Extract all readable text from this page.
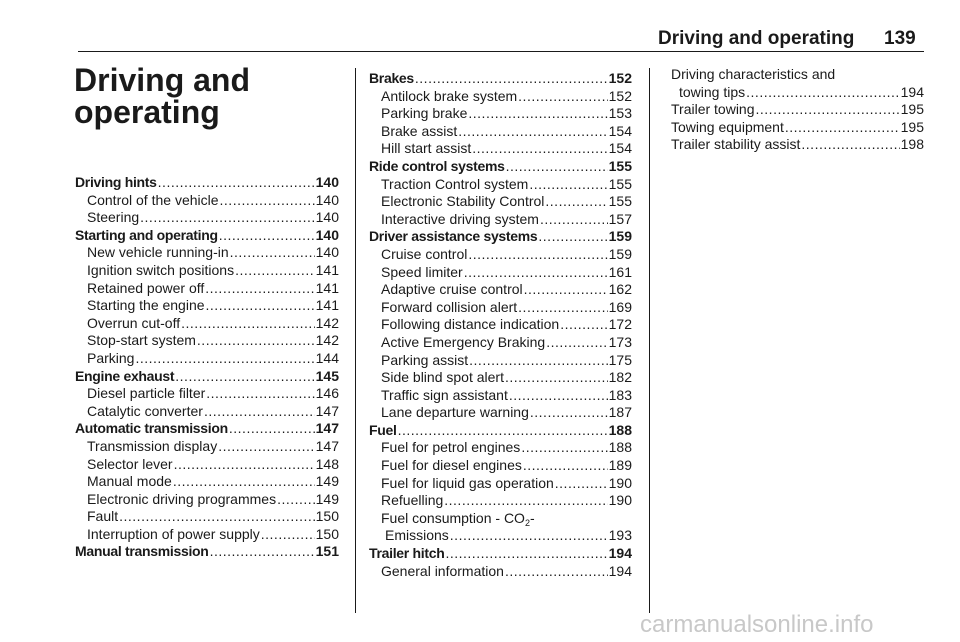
Driving and operating 139
Driving and
operating
Driving hints .....	140
Control of the vehicle .....	140
Steering .....	140
Starting and operating .....	140
New vehicle running-in .....	140
Ignition switch positions .....	141
Retained power off .....	141
Starting the engine .....	141
Overrun cut-off .....	142
Stop-start system .....	142
Parking .....	144
Engine exhaust .....	145
Diesel particle filter .....	146
Catalytic converter .....	147
Automatic transmission .....	147
Transmission display .....	147
Selector lever .....	148
Manual mode .....	149
Electronic driving programmes .....	149
Fault .....	150
Interruption of power supply .....	150
Manual transmission .....	151
Brakes .....	152
Antilock brake system .....	152
Parking brake .....	153
Brake assist .....	154
Hill start assist .....	154
Ride control systems .....	155
Traction Control system .....	155
Electronic Stability Control .....	155
Interactive driving system .....	157
Driver assistance systems .....	159
Cruise control .....	159
Speed limiter .....	161
Adaptive cruise control .....	162
Forward collision alert .....	169
Following distance indication .....	172
Active Emergency Braking .....	173
Parking assist .....	175
Side blind spot alert .....	182
Traffic sign assistant .....	183
Lane departure warning .....	187
Fuel .....	188
Fuel for petrol engines .....	188
Fuel for diesel engines .....	189
Fuel for liquid gas operation .....	190
Refuelling .....	190
Fuel consumption - $CO_2-$
Emissions .....	193
Trailer hitch .....	194
General information .....	194
Driving characteristics and
towing tips .....	194
Trailer towing .....	195
Towing equipment .....	195
Trailer stability assist .....	198
carmanualsonline.info
